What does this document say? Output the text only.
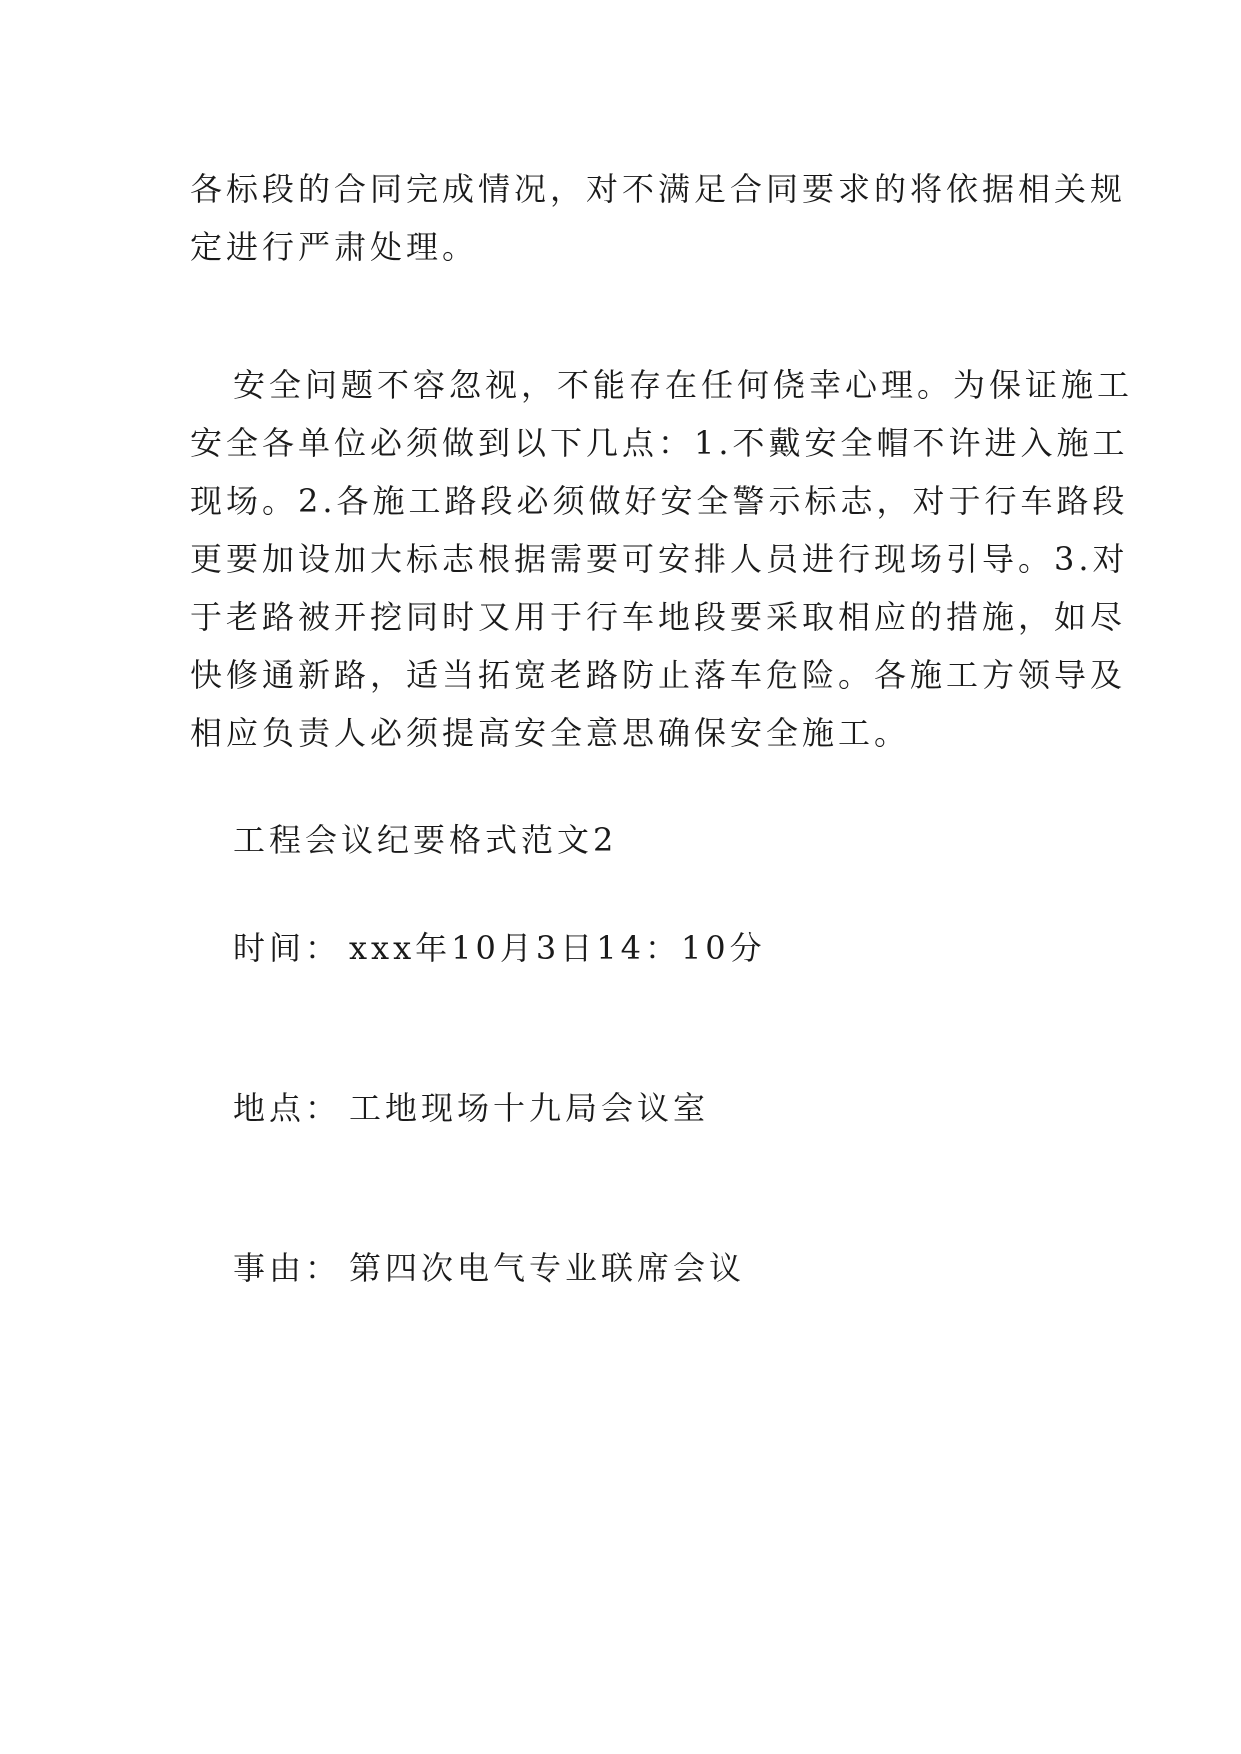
各标段的合同完成情况，对不满足合同要求的将依据相关规
定进行严肃处理。
安全问题不容忽视，不能存在任何侥幸心理。为保证施工
安全各单位必须做到以下几点：1.不戴安全帽不许进入施工
现场。2.各施工路段必须做好安全警示标志，对于行车路段
更要加设加大标志根据需要可安排人员进行现场引导。3.对
于老路被开挖同时又用于行车地段要采取相应的措施，如尽
快修通新路，适当拓宽老路防止落车危险。各施工方领导及
相应负责人必须提高安全意思确保安全施工。
工程会议纪要格式范文2
时间： xxx年10月3日14：10分
地点： 工地现场十九局会议室
事由： 第四次电气专业联席会议
